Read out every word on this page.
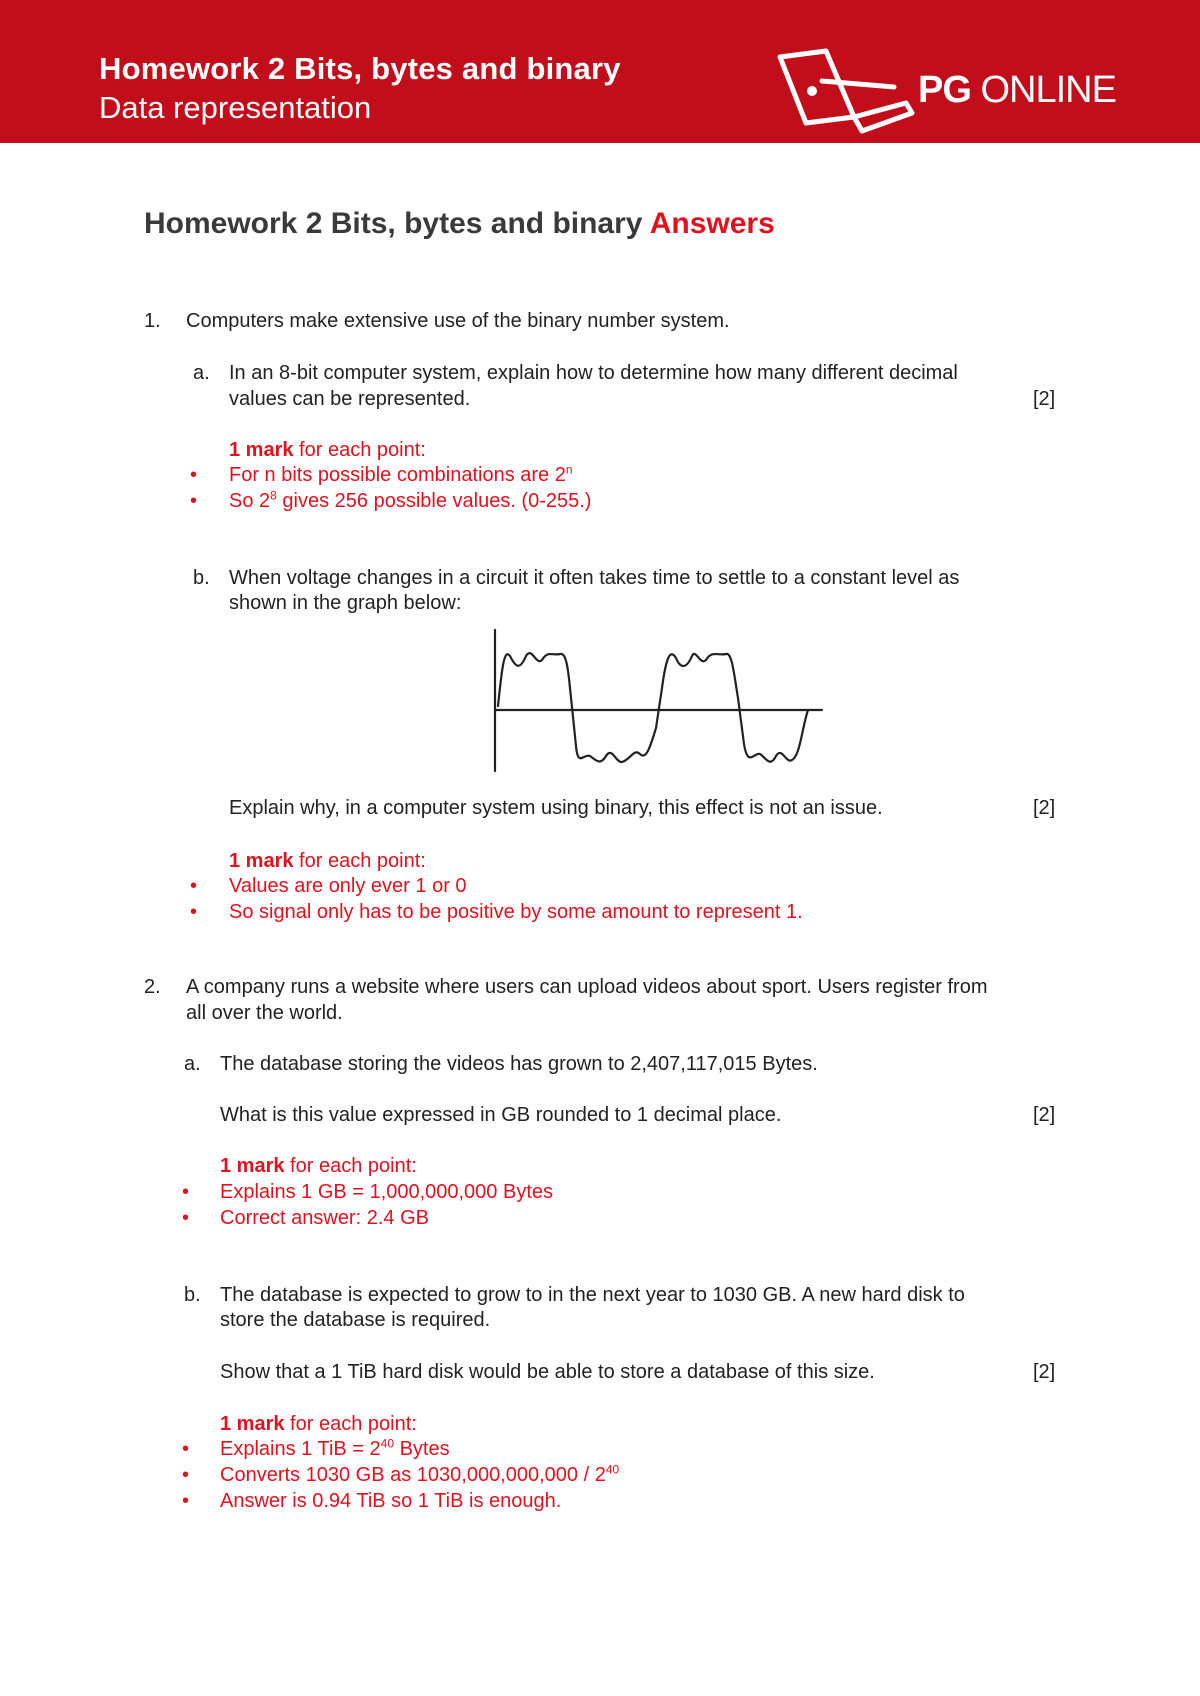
Homework 2 Bits, bytes and binary
Data representation	PG ONLINE
Homework 2 Bits, bytes and binary Answers
1. Computers make extensive use of the binary number system.
a. In an 8-bit computer system, explain how to determine how many different decimal
values can be represented.	[2]
1 mark for each point:
• For n bits possible combinations are 2$^n$
• So $2^8$ gives 256 possible values. (0-255.)
b. When voltage changes in a circuit it often takes time to settle to a constant level as
shown in the graph below:
Explain why, in a computer system using binary, this effect is not an issue.	[2]
1 mark for each point:
• Values are only ever 1 or 0
• So signal only has to be positive by some amount to represent 1.
2. A company runs a website where users can upload videos about sport. Users register from
all over the world.
a. The database storing the videos has grown to 2,407,117,015 Bytes.
What is this value expressed in GB rounded to 1 decimal place.	[2]
1 mark for each point:
• Explains 1 GB = 1,000,000,000 Bytes
• Correct answer: 2.4 GB
b. The database is expected to grow to in the next year to 1030 GB. A new hard disk to
store the database is required.
Show that a 1 TiB hard disk would be able to store a database of this size.	[2]
1 mark for each point:
• Explains 1 TiB = $2^{40}$ Bytes
• Converts 1030 GB as $1030,000,000,000 / 2^{40}$
• Answer is 0.94 TiB so 1 TiB is enough.
